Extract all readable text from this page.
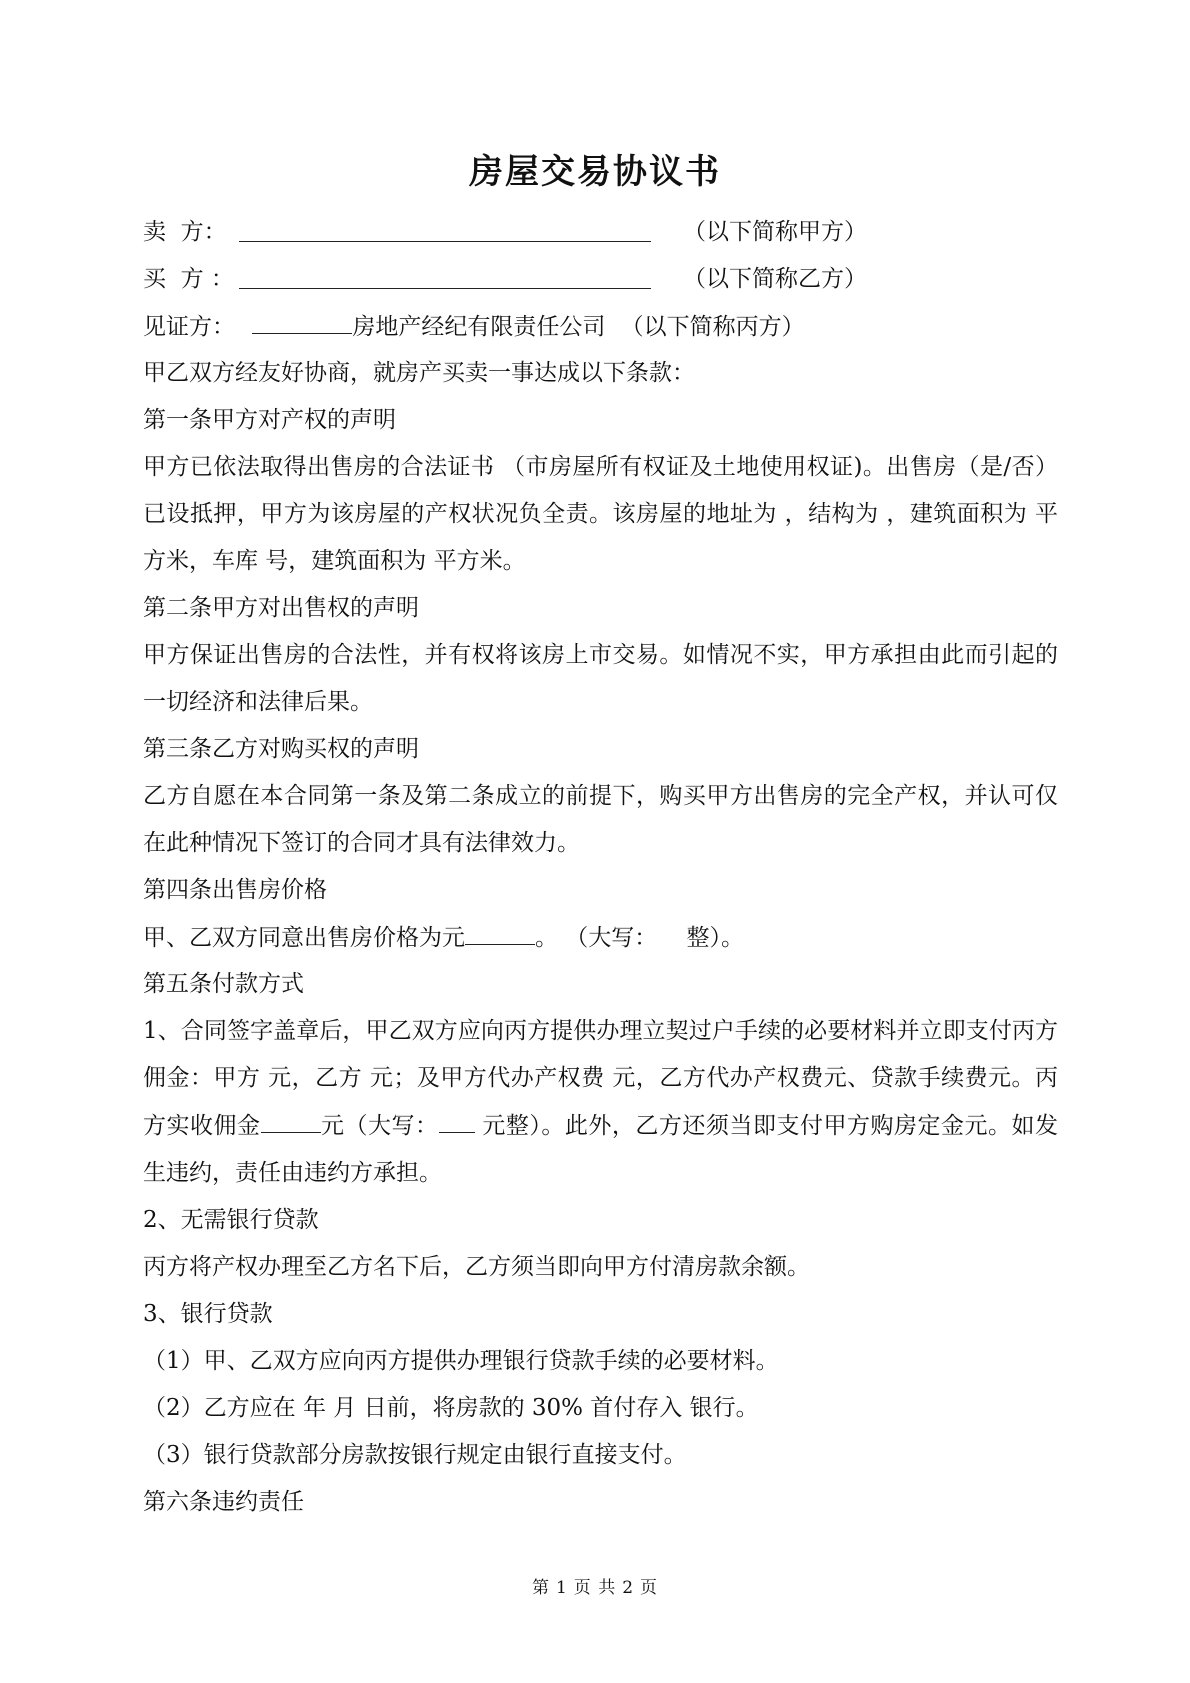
房屋交易协议书
卖  方：	（以下简称甲方）
买  方 ：	（以下简称乙方）
见证方：	房地产经纪有限责任公司 （以下简称丙方）
甲乙双方经友好协商，就房产买卖一事达成以下条款：
第一条甲方对产权的声明
甲方已依法取得出售房的合法证书 （市房屋所有权证及土地使用权证)。出售房（是/否）已设抵押，甲方为该房屋的产权状况负全责。该房屋的地址为 ，结构为 ，建筑面积为 平方米，车库 号，建筑面积为 平方米。
第二条甲方对出售权的声明
甲方保证出售房的合法性，并有权将该房上市交易。如情况不实，甲方承担由此而引起的一切经济和法律后果。
第三条乙方对购买权的声明
乙方自愿在本合同第一条及第二条成立的前提下，购买甲方出售房的完全产权，并认可仅在此种情况下签订的合同才具有法律效力。
第四条出售房价格
甲、乙双方同意出售房价格为元	。 （大写：    整）。
第五条付款方式
1、合同签字盖章后，甲乙双方应向丙方提供办理立契过户手续的必要材料并立即支付丙方佣金：甲方 元，乙方 元；及甲方代办产权费 元，乙方代办产权费元、贷款手续费元。丙方实收佣金	元（大写： 元整）。此外，乙方还须当即支付甲方购房定金元。如发生违约，责任由违约方承担。
2、无需银行贷款
丙方将产权办理至乙方名下后，乙方须当即向甲方付清房款余额。
3、银行贷款
（1）甲、乙双方应向丙方提供办理银行贷款手续的必要材料。
（2）乙方应在 年 月 日前，将房款的 30% 首付存入 银行。
（3）银行贷款部分房款按银行规定由银行直接支付。
第六条违约责任
第 1 页 共 2 页
